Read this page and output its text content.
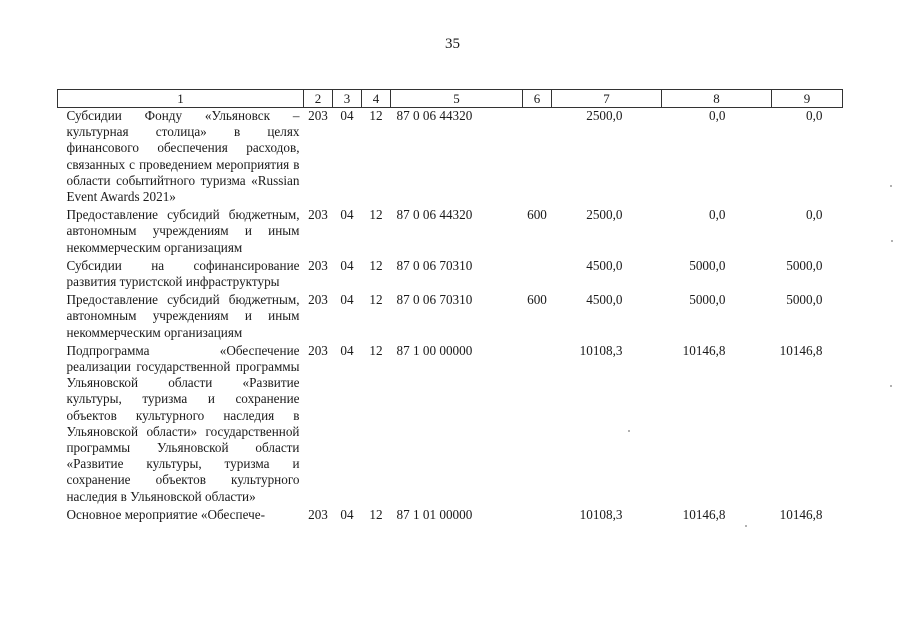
35
1	2	3	4	5	6	7	8	9
Субсидии Фонду «Ульяновск – культурная столица» в целях финансового обеспечения расходов, связанных с проведением мероприятия в области событийтного туризма «Russian Event Awards 2021»	203	04	12	87 0 06 44320		2500,0	0,0	0,0
Предоставление субсидий бюджетным, автономным учреждениям и иным некоммерческим организациям	203	04	12	87 0 06 44320	600	2500,0	0,0	0,0
Субсидии на софинансирование развития туристской инфраструктуры	203	04	12	87 0 06 70310		4500,0	5000,0	5000,0
Предоставление субсидий бюджетным, автономным учреждениям и иным некоммерческим организациям	203	04	12	87 0 06 70310	600	4500,0	5000,0	5000,0
Подпрограмма «Обеспечение реализации государственной программы Ульяновской области «Развитие культуры, туризма и сохранение объектов культурного наследия в Ульяновской области» государственной программы Ульяновской области «Развитие культуры, туризма и сохранение объектов культурного наследия в Ульяновской области»	203	04	12	87 1 00 00000		10108,3	10146,8	10146,8
Основное мероприятие «Обеспече-	203	04	12	87 1 01 00000		10108,3	10146,8	10146,8
